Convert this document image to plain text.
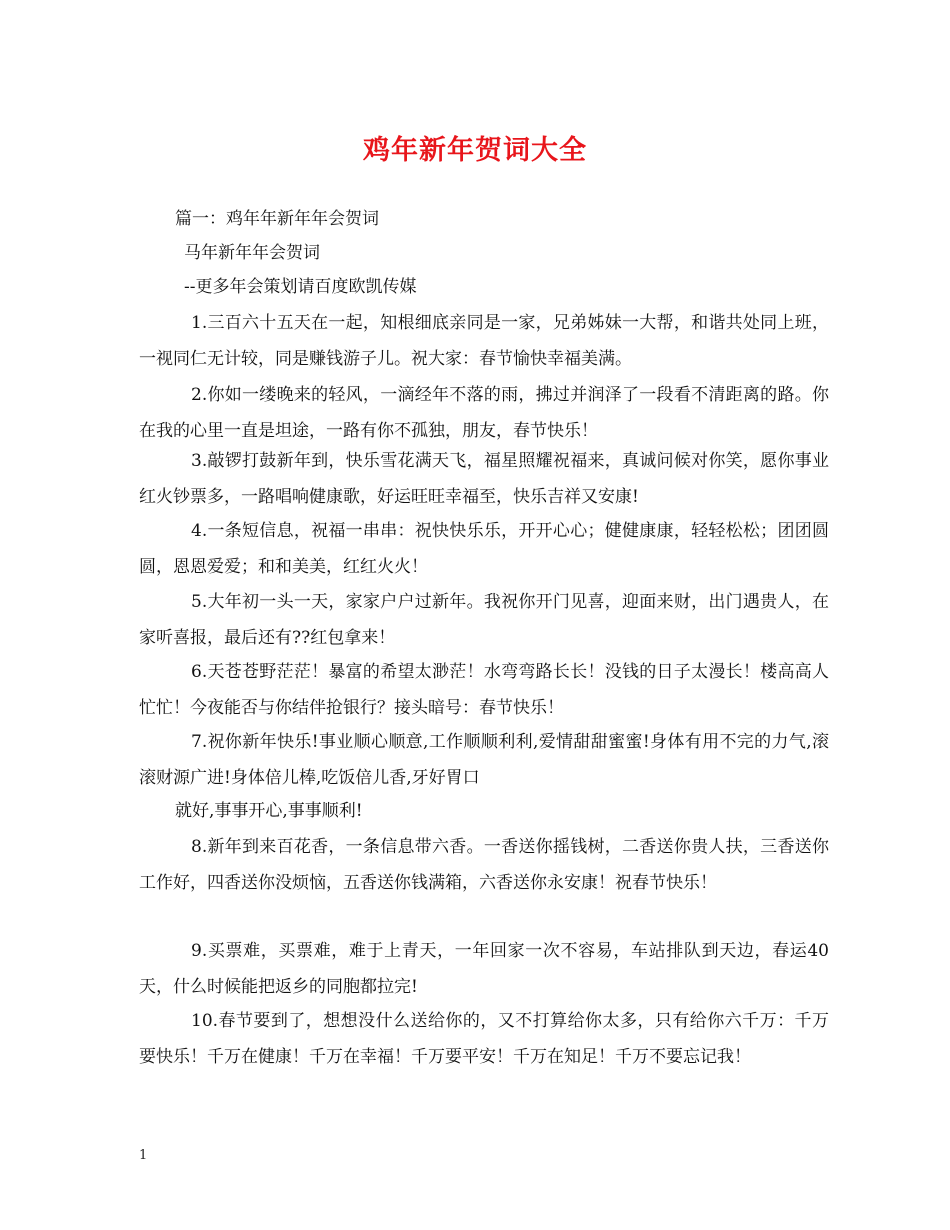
鸡年新年贺词大全
篇一：鸡年年新年年会贺词
马年新年年会贺词
--更多年会策划请百度欧凯传媒
1.三百六十五天在一起，知根细底亲同是一家，兄弟姊妹一大帮，和谐共处同上班，一视同仁无计较，同是赚钱游子儿。祝大家：春节愉快幸福美满。
2.你如一缕晚来的轻风，一滴经年不落的雨，拂过并润泽了一段看不清距离的路。你在我的心里一直是坦途，一路有你不孤独，朋友，春节快乐！
3.敲锣打鼓新年到，快乐雪花满天飞，福星照耀祝福来，真诚问候对你笑，愿你事业红火钞票多，一路唱响健康歌，好运旺旺幸福至，快乐吉祥又安康!
4.一条短信息，祝福一串串：祝快快乐乐，开开心心；健健康康，轻轻松松；团团圆圆，恩恩爱爱；和和美美，红红火火！
5.大年初一头一天，家家户户过新年。我祝你开门见喜，迎面来财，出门遇贵人，在家听喜报，最后还有??红包拿来！
6.天苍苍野茫茫！暴富的希望太渺茫！水弯弯路长长！没钱的日子太漫长！楼高高人忙忙！今夜能否与你结伴抢银行？接头暗号：春节快乐！
7.祝你新年快乐!事业顺心顺意,工作顺顺利利,爱情甜甜蜜蜜!身体有用不完的力气,滚滚财源广进!身体倍儿棒,吃饭倍儿香,牙好胃口
就好,事事开心,事事顺利!
8.新年到来百花香，一条信息带六香。一香送你摇钱树，二香送你贵人扶，三香送你工作好，四香送你没烦恼，五香送你钱满箱，六香送你永安康！祝春节快乐！
9.买票难，买票难，难于上青天，一年回家一次不容易，车站排队到天边，春运40天，什么时候能把返乡的同胞都拉完!
10.春节要到了，想想没什么送给你的，又不打算给你太多，只有给你六千万：千万要快乐！千万在健康！千万在幸福！千万要平安！千万在知足！千万不要忘记我！
1
